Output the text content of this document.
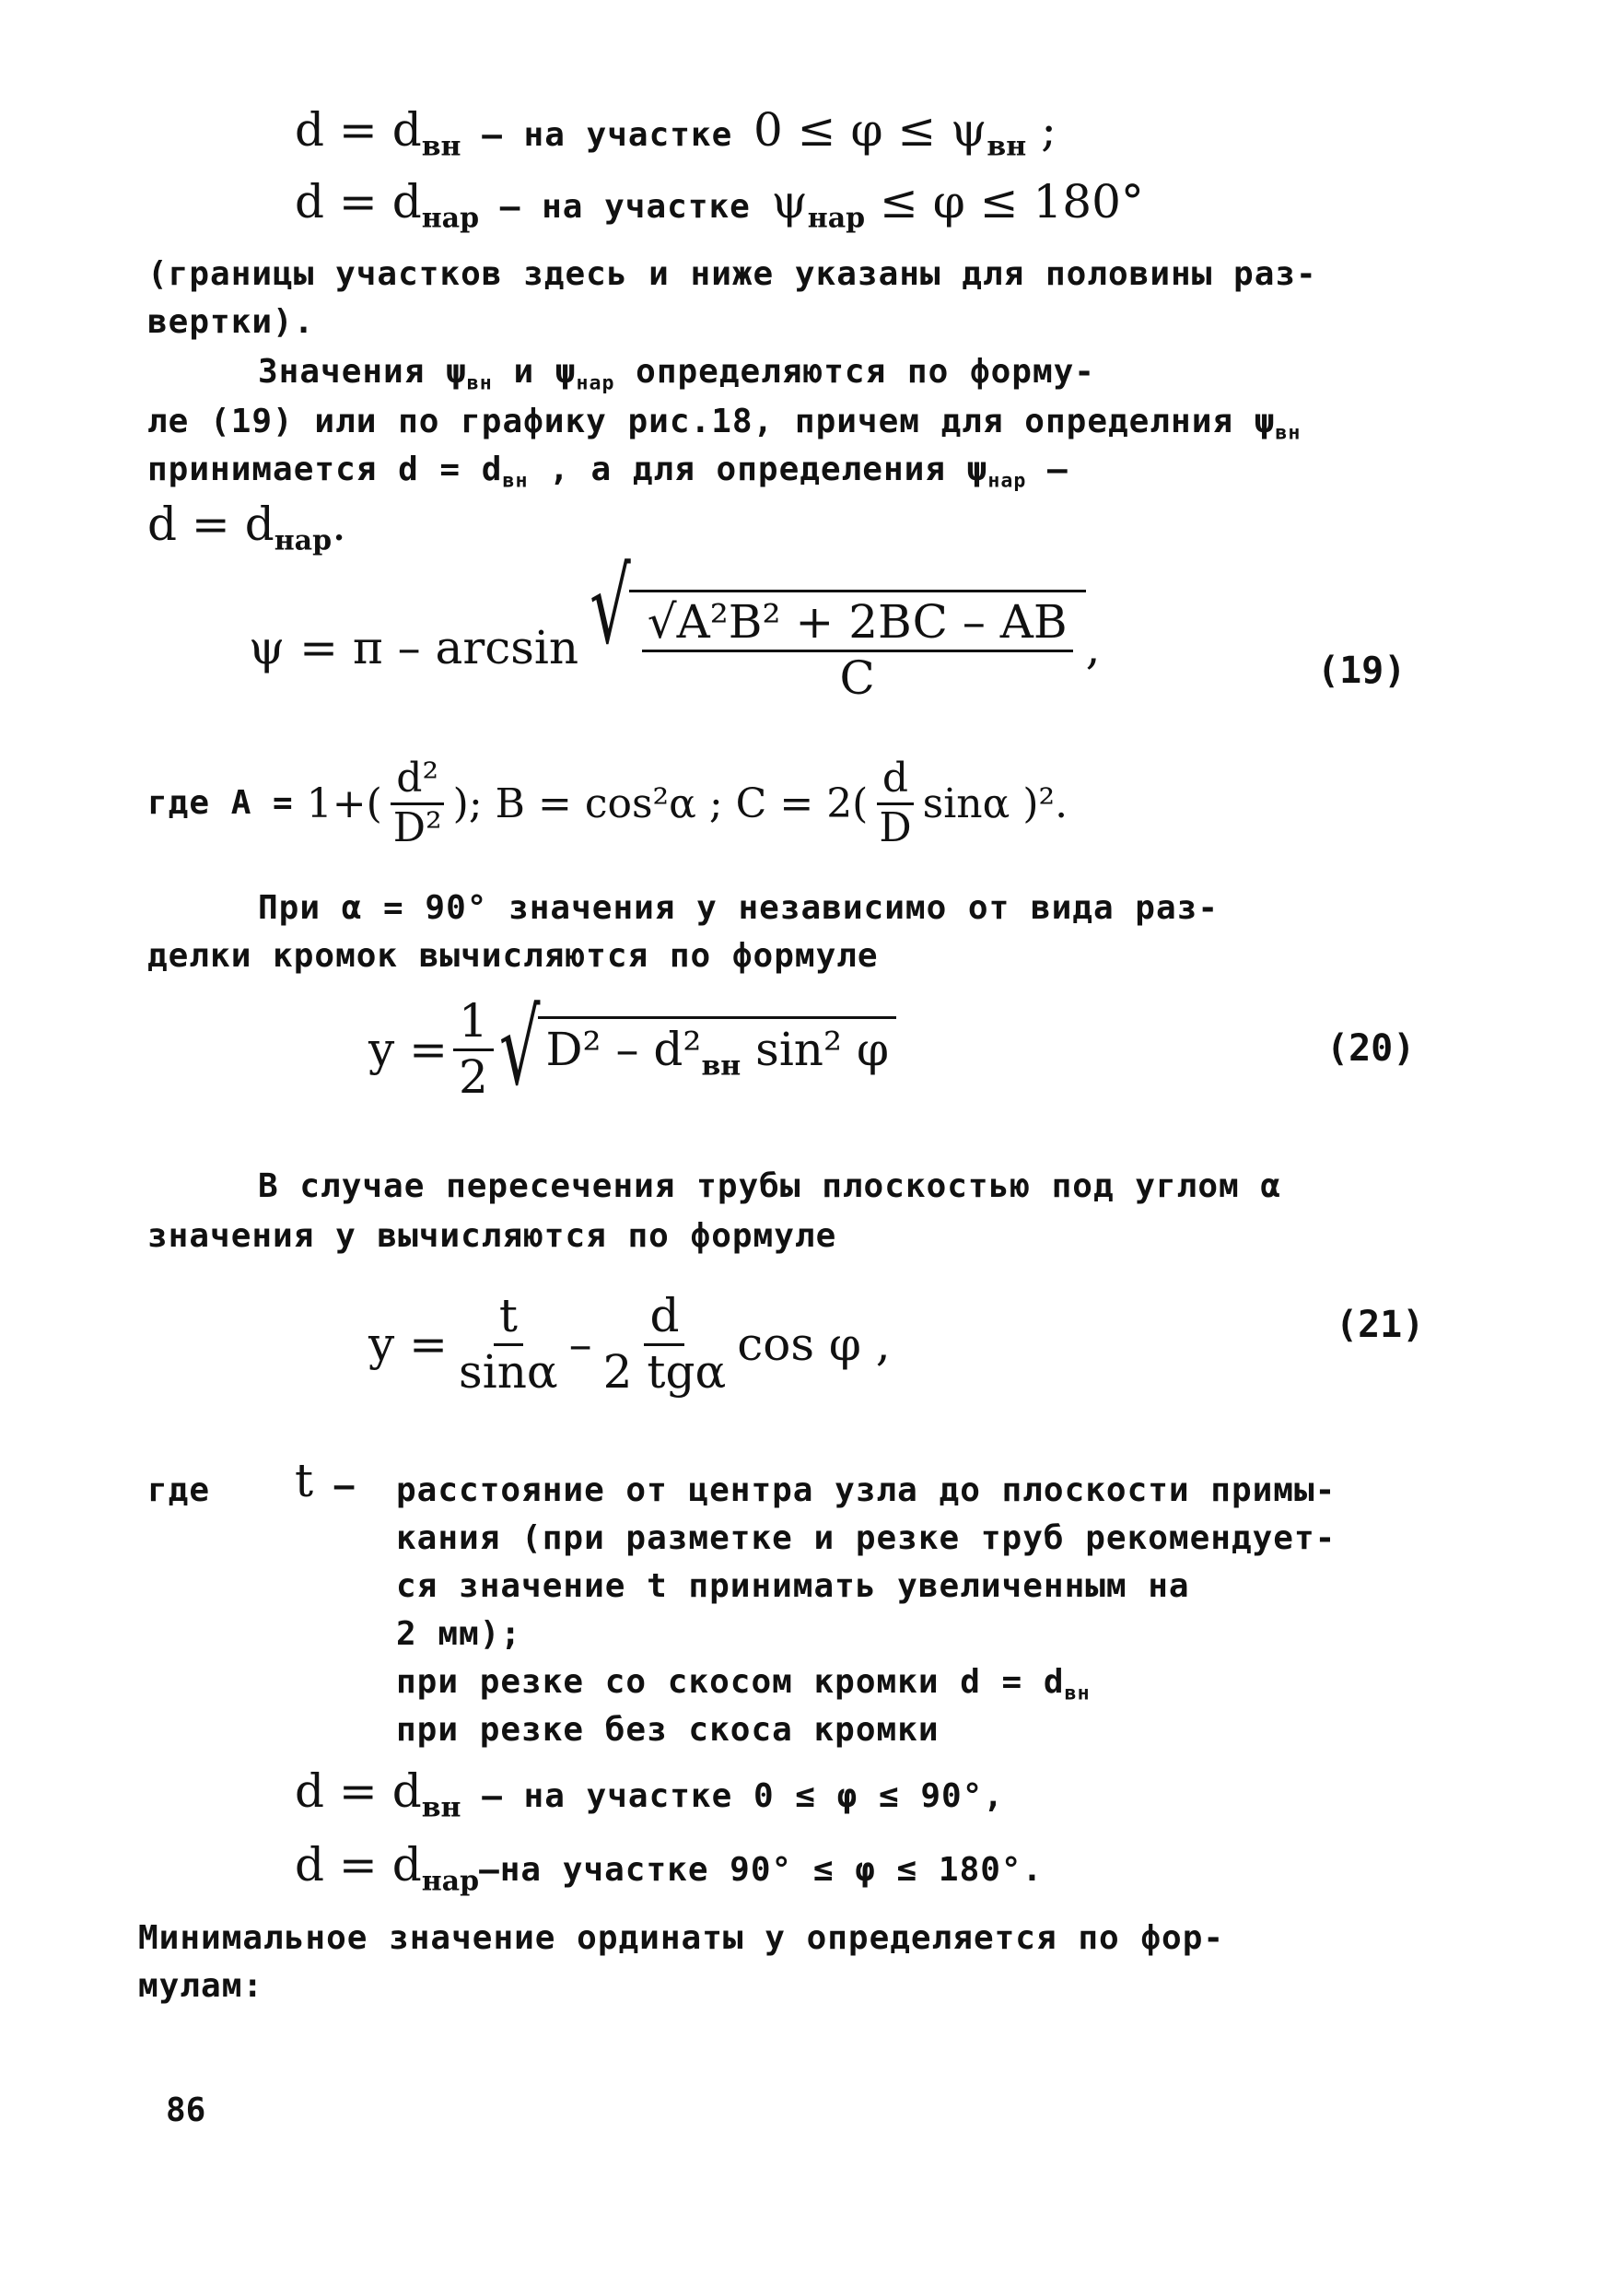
$d = d_{вн}$ – на участке $0 \le \varphi \le \psi_{вн}$ ;
$d = d_{нар}$ – на участке $\psi_{нар} \le \varphi \le 180^\circ$
(границы участков здесь и ниже указаны для половины раз-
вертки).
Значения $\psi_{вн}$ и $\psi_{нар}$ определяются по форму-
ле (19) или по графику рис.18, причем для определния $\psi_{вн}$
принимается $d = d_{вн}$ , а для определения $\psi_{нар}$ –
$d = d_{нар}$.
ψ = π – arcsin √ $\frac{\text{√A²B² + 2BC – AB}}{C}$ ,	(19)
где $A = 1+( \frac{\text{d²}}{\text{D²}}$ ); B = cos²α ; $C = 2( \frac{d}{D}$ sinα )².
При α = 90° значения y независимо от вида раз-
делки кромок вычисляются по формуле
$y = \frac{1}{2}$ √ $D^2 - d^2_{вн}$ sin² φ	(20)
В случае пересечения трубы плоскостью под углом α
значения y вычисляются по формуле
$y = \frac{t}{\sin\alpha} - \frac{d}{\text{2 tgα}}$ cos φ ,	(21)
где t – расстояние от центра узла до плоскости примы-
кания (при разметке и резке труб рекомендует-
ся значение t принимать увеличенным на
2 мм);
при резке со скосом кромки $d = d_{вн}$
при резке без скоса кромки
$d = d_{вн}$ – на участке 0 ≤ φ ≤ 90°,
$d = d_{нар}-на$ участке 90° ≤ φ ≤ 180°.
Минимальное значение ординаты y определяется по фор-
мулам:
86
